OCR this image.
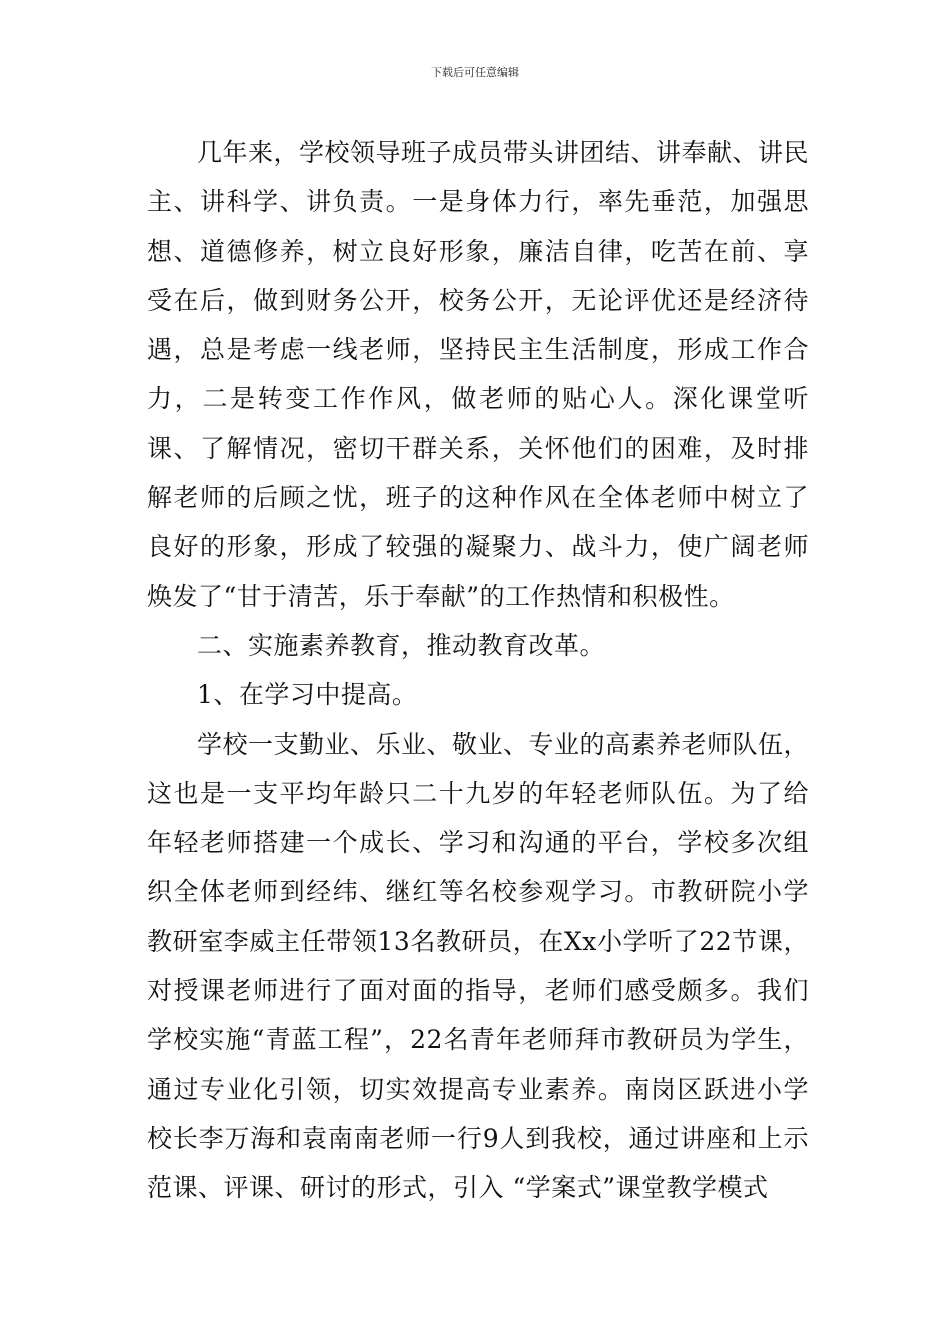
下载后可任意编辑

几年来，学校领导班子成员带头讲团结、讲奉献、讲民主、讲科学、讲负责。一是身体力行，率先垂范，加强思想、道德修养，树立良好形象，廉洁自律，吃苦在前、享受在后，做到财务公开，校务公开，无论评优还是经济待遇，总是考虑一线老师，坚持民主生活制度，形成工作合力，二是转变工作作风，做老师的贴心人。深化课堂听课、了解情况，密切干群关系，关怀他们的困难，及时排解老师的后顾之忧，班子的这种作风在全体老师中树立了良好的形象，形成了较强的凝聚力、战斗力，使广阔老师焕发了“甘于清苦，乐于奉献”的工作热情和积极性。

二、实施素养教育，推动教育改革。

1、在学习中提高。

学校一支勤业、乐业、敬业、专业的高素养老师队伍，这也是一支平均年龄只二十九岁的年轻老师队伍。为了给年轻老师搭建一个成长、学习和沟通的平台，学校多次组织全体老师到经纬、继红等名校参观学习。市教研院小学教研室李威主任带领13名教研员，在Xx小学听了22节课，对授课老师进行了面对面的指导，老师们感受颇多。我们学校实施“青蓝工程”，22名青年老师拜市教研员为学生，通过专业化引领，切实效提高专业素养。南岗区跃进小学校长李万海和袁南南老师一行9人到我校，通过讲座和上示范课、评课、研讨的形式，引入 “学案式”课堂教学模式
